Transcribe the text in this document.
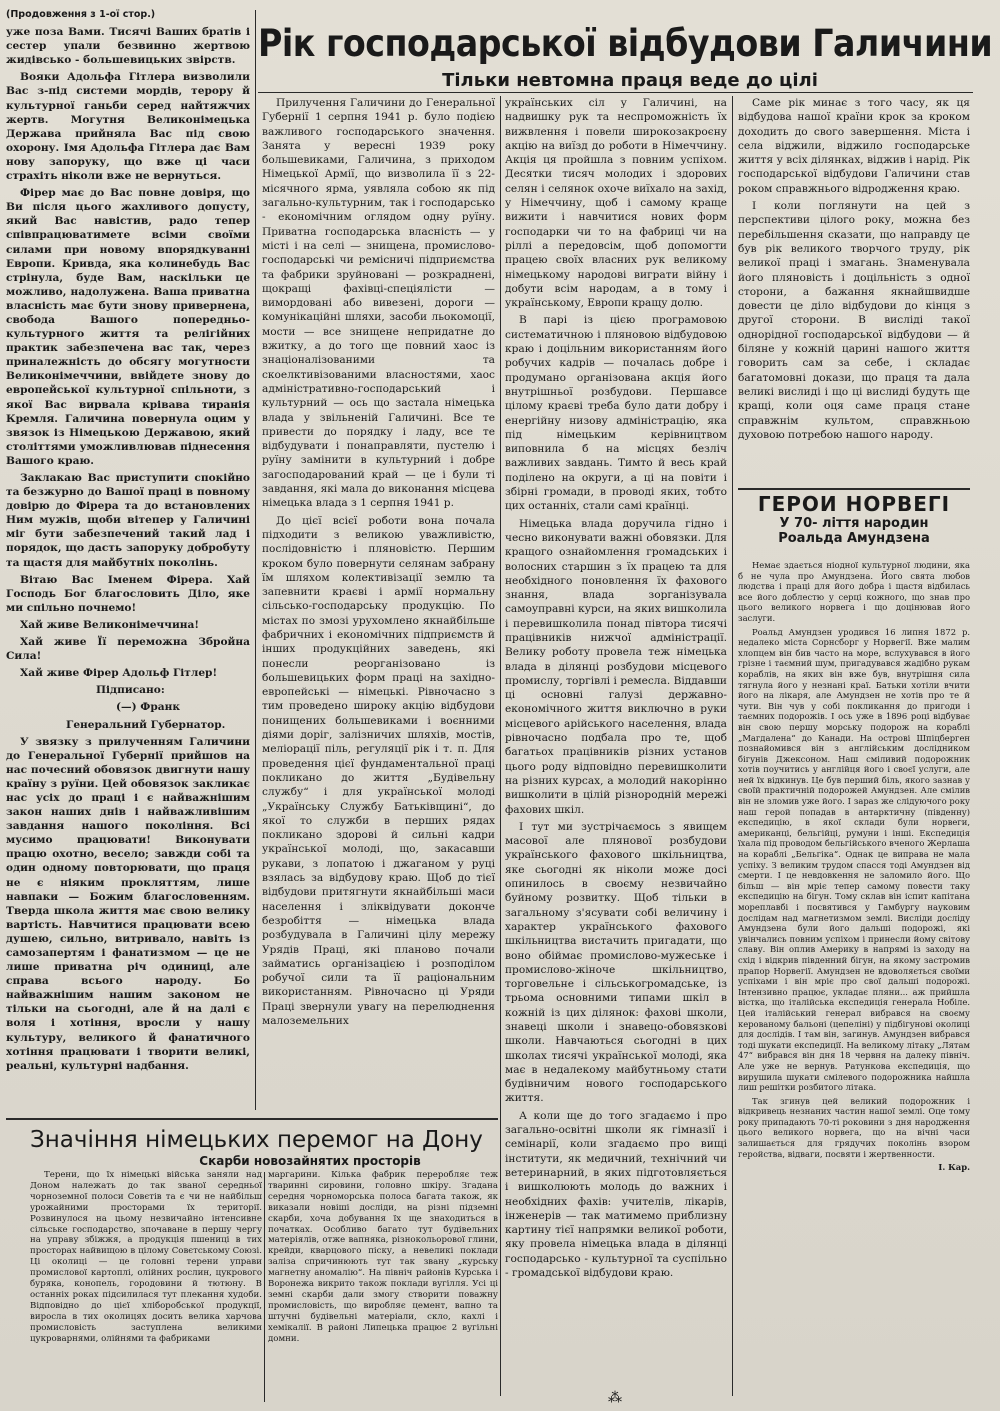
(Продовження з 1-ої стор.)

уже поза Вами. Тисячі Ваших братів і сестер упали безвинно жертвою жидівсько - большевицьких звірств.

Вояки Адольфа Гітлера визволили Вас з-під системи мордів, терору й культурної ганьби серед найтяжчих жертв. Могутня Великонімецька Держава прийняла Вас під свою охорону. Імя Адольфа Гітлера дає Вам нову запоруку, що вже ці часи страхіть ніколи вже не вернуться.

Фірер має до Вас повне довіря, що Ви після цього жахливого допусту, який Вас навістив, радо тепер співпрацюватимете всіми своїми силами при новому впорядкуванні Европи. Кривда, яка колинебудь Вас стрінула, буде Вам, наскільки це можливо, надолужена. Ваша приватна власність має бути знову привернена, свобода Вашого попередньо-культурного життя та релігійних практик забезпечена вас так, через приналежність до обсягу могутности Великонімеччини, ввійдете знову до европейської культурної спільноти, з якої Вас вирвала крівава тиранія Кремля. Галичина повернула оцим у звязок із Німецькою Державою, який століттями уможливлював піднесення Вашого краю.

Заклакаю Вас приступити спокійно та безжурно до Вашої праці в повному довірю до Фірера та до встановлених Ним мужів, щоби вітепер у Галичині міг бути забезпечений такий лад і порядок, що дасть запоруку добробуту та щастя для майбутніх поколінь.

Вітаю Вас Іменем Фірера. Хай Господь Бог благословить Діло, яке ми спільно почнемо!

Хай живе Великонімеччина!

Хай живе Її переможна Збройна Сила!

Хай живе Фірер Адольф Гітлер!

Підписано:

(—) Франк

Генеральний Губернатор.

У звязку з прилученням Галичини до Генеральної Губернії прийшов на нас почесний обовязок двигнути нашу країну з руїни. Цей обовязок закликає нас усіх до праці і є найважнішим закон наших днів і найважливішим завдання нашого покоління. Всі мусимо працювати! Виконувати працю охотно, весело; завжди собі та один одному повторювати, що праця не є ніяким прокляттям, лише навпаки — Божим благословенням. Тверда школа життя має свою велику вартість. Навчитися працювати всею душею, сильно, витривало, навіть із самозапертям і фанатизмом — це не лише приватна річ одиниці, але справа всього народу. Бо найважнішим нашим законом не тільки на сьогодні, але й на далі є воля і хотіння, вросли у нашу культуру, великого й фанатичного хотіння працювати і творити великі, реальні, культурні надбання.

Рік господарської відбудови Галичини
Тільки невтомна праця веде до цілі

Прилучення Галичини до Генеральної Губернії 1 серпня 1941 р. було подією важливого господарського значення. Занята у вересні 1939 року большевиками, Галичина, з приходом Німецької Армії, що визволила її з 22-місячного ярма, уявляла собою як під загально-культурним, так і господарсько - економічним оглядом одну руїну. Приватна господарська власність — у місті і на селі — знищена, промислово-господарські чи ремісничі підприємства та фабрики зруйновані — розкраднені, щокращі фахівці-спеціялісти — вимордовані або вивезені, дороги — комунікаційні шляхи, засоби льокомоції, мости — все знищене непридатне до вжитку, а до того ще повний хаос із знаціоналізованими та скоелктивізованими власностями, хаос адміністративно-господарський і культурний — ось що застала німецька влада у звільненій Галичині. Все те привести до порядку і ладу, все те відбудувати і понаправляти, пустелю і руїну замінити в культурний і добре загосподарований край — це і були ті завдання, які мала до виконання місцева німецька влада з 1 серпня 1941 р.

До цієї всієї роботи вона почала підходити з великою уважливістю, послідовністю і пляновістю. Першим кроком було повернути селянам забрану їм шляхом колективізації землю та запевнити краєві і армії нормальну сільсько-господарську продукцію. По містах по змозі урухомлено якнайбільше фабричних і економічних підприємств й інших продукційних заведень, які понесли реорганізовано із большевицьких форм праці на західно-европейські — німецькі. Рівночасно з тим проведено широку акцію відбудови понищених большевиками і воєнними діями доріг, залізничих шляхів, мостів, меліорації піль, регуляції рік і т. п. Для проведення цієї фундаментальної праці покликано до життя „Будівельну службу“ і для української молоді „Українську Службу Батьківщині“, до якої то служби в перших рядах покликано здорові й сильні кадри української молоді, що, закасавши рукави, з лопатою і джаганом у руці взялась за відбудову краю. Щоб до тієї відбудови притягнути якнайбільші маси населення і зліквідувати доконче безробіття — німецька влада розбудувала в Галичині цілу мережу Урядів Праці, які планово почали займатись організацією і розподілом робучої сили та її раціональним використанням. Рівночасно ці Уряди Праці звернули увагу на перелюднення малоземельних

українських сіл у Галичині, на надвишку рук та неспроможність їх вижвлення і повели широкозакроєну акцію на виїзд до роботи в Німеччину. Акція ця пройшла з повним успіхом. Десятки тисяч молодих і здорових селян і селянок охоче виїхало на захід, у Німеччину, щоб і самому краще вижити і навчитися нових форм господарки чи то на фабриці чи на ріллі а передовсім, щоб допомогти працею своїх власних рук великому німецькому народові виграти війну і добути всім народам, а в тому і українському, Европи кращу долю.

В парі із цією програмовою систематичною і пляновою відбудовою краю і доцільним використанням його робучих кадрів — почалась добре і продумано організована акція його внутрішньої розбудови. Першавсе цілому краєві треба було дати добру і енергійну низову адміністрацію, яка під німецьким керівництвом виповнила б на місцях безліч важливих завдань. Тимто й весь край поділено на округи, а ці на повіти і збірні громади, в проводі яких, тобто цих останніх, стали самі країнці.

Німецька влада доручила гідно і чесно виконувати важні обовязки. Для кращого ознайомлення громадських і волосних старшин з їх працею та для необхідного поновлення їх фахового знання, влада зорганізувала самоуправні курси, на яких вишколила і перевишколила понад півтора тисячі працівників нижчої адміністрації. Велику роботу провела теж німецька влада в ділянці розбудови місцевого промислу, торгівлі і ремесла. Віддавши ці основні галузі державно-економічного життя виключно в руки місцевого арійського населення, влада рівночасно подбала про те, щоб багатьох працівників різних установ цього роду відповідно перевишколити на різних курсах, а молодий накорінно вишколити в цілій різнородній мережі фахових шкіл.

І тут ми зустрічаємось з явищем масової але плянової розбудови українського фахового шкільництва, яке сьогодні як ніколи може досі опинилось в своєму незвичайно буйному розвитку. Щоб тільки в загальному з'ясувати собі величину і характер українського фахового шкільництва вистачить пригадати, що воно обіймає промислово-мужеське і промислово-жіноче шкільництво, торговельне і сільськогромадське, із трьома основними типами шкіл в кожній із цих ділянок: фахові школи, знавеці школи і знавецо-обовязкові школи. Навчаються сьогодні в цих школах тисячі української молоді, яка має в недалекому майбутньому стати будівничим нового господарського життя.

А коли ще до того згадаємо і про загально-освітні школи як гімназії і семінарії, коли згадаємо про вищі інститути, як медичний, технічний чи ветеринарний, в яких підготовляється і вишколюють молодь до важних і необхідних фахів: учителів, лікарів, інженерів — так матимемо приблизну картину тієї напрямки великої роботи, яку провела німецька влада в ділянці господарсько - культурної та суспільно - громадської відбудови краю.

Саме рік минає з того часу, як ця відбудова нашої країни крок за кроком доходить до свого завершення. Міста і села віджили, віджило господарське життя у всіх ділянках, віджив і нарід. Рік господарської відбудови Галичини став роком справжнього відродження краю.

І коли поглянути на цей з перспективи цілого року, можна без перебільшення сказати, що направду це був рік великого творчого труду, рік великої праці і змагань. Знаменувала його пляновість і доцільність з одної сторони, а бажання якнайшвидше довести це діло відбудови до кінця з другої сторони. В висліді такої однорідної господарської відбудови — й біляне у кожній царині нашого життя говорить сам за себе, і складає багатомовні докази, що праця та дала великі вислиді і що ці вислиді будуть ще кращі, коли оця саме праця стане справжнім культом, справжньою духовою потребою нашого народу.

ГЕРОИ НОРВЕГІ
У 70- ліття народин
Роальда Амундзена

Немає здається ніодної культурної людини, яка б не чула про Амундзена. Його свята любов людства і праці для його добра і щастя відбилась все його доблестю у серці кожного, що знав про цього великого норвега і що доцінював його заслуги.

Роальд Амундзен уродився 16 липня 1872 р. недалеко міста Сорнсборг у Норвегії. Вже малим хлопцем він бив часто на море, вслухувався в його грізне і таємний шум, пригадувався жадібно рукам кораблів, на яких він вже був, внутрішня сила тягнула його у незнані краї. Батьки хотіли вчити його на лікаря, але Амундзен не хотів про те й чути. Він чув у собі покликання до пригоди і таємних подорожів. І ось уже в 1896 році відбуває він свою першу морську подорож на кораблі „Магдалена“ до Канади. На острові Шпіцберген познайомився він з англійським дослідником бігунів Джексоном. Наш сміливий подорожник хотів поучитись у англійця його і своєї услуги, але ней їх відкинув. Це був перший біль, якого зазнав у своїй практичній подорожей Амундзен. Але смілив він не зломив уже його. І зараз же слідуючого року наш герой попадав в антарктичну (південну) експедицію, в якої склади були норвеги, американці, бельгійці, румуни і інші. Експедиція їхала під проводом бельгійського вченого Жерлаша на кораблі „Бельгіка“. Однак це виправа не мала успіху. З великим трудом спасся тоді Амундзен від смерти. І це невдовкення не заломило його. Що більш — він мріє тепер самому повести таку експедицію на бігун. Тому склав він іспит капітана мореплавбі і посвятився у Гамбургу науковим дослідам над магнетизмом землі. Висліди досліду Амундзена були його дальші подорожі, які увінчались повним успіхом і принесли йому світову славу. Він оплив Америку в напрямі із заходу на схід і відкрив південний бігун, на якому застромив прапор Норвегії. Амундзен не вдоволяється своїми успіхами і він мріє про свої дальші подорожі. Інтензивно працює, укладає пляни... аж прийшла вістка, що італійська експедиція генерала Нобіле. Цей італійський генерал вибрався на своєму керованому бальоні (цепеліні) у підбігунові околиці для дослідів. І там він, загинув. Амундзен вибрався тоді шукати експедиції. На великому літаку „Лятам 47“ вибрався він дня 18 червня на далеку північ. Але уже не вернув. Ратункова експедиція, що вирушила шукати смілевого подорожника найшла лиш решітки розбитого літака.

Так згинув цей великий подорожник і відкривець незнаних частин нашої землі. Оце тому року припадають 70-ті роковини з дня народження цього великого норвега, що на вічні часи залишається для грядучих поколінь взором геройства, відваги, посвяти і жертвенности.

І. Кар.

Значіння німецьких перемог на Дону
Скарби новозайнятих просторів

Терени, що їх німецькі війська заняли над Доном належать до так званої середньої чорноземної полоси Совєтів та є чи не найбільш урожайними просторами їх території. Розвинулося на цьому незвичайно інтенсивне сільське господарство, зпочаване в першу чергу на управу збіжжя, а продукція пшениці в тих просторах найвищою в цілому Совєтському Союзі. Ці околиці — це головні терени управи промислової картоплі, олійних рослин, цукрового буряка, конопель, городовини й тютюну. В останніх роках підсилилася тут плекання худоби. Відповідно до цієї хліборобської продукції, виросла в тих околицях досить велика харчова промисловість заступлена великими цукроварнями, олійнями та фабриками

маргарини. Кілька фабрик переробляє теж тваринні сировини, головно шкіру. Згадана середня чорноморська полоса багата також, як виказали новіші досліди, на різні підземні скарби, хоча добування їх ще знаходиться в початках. Особливо багато тут будівельних матеріялів, отже вапняка, різнокольорової глини, крейди, кварцового піску, а невеликі поклади залізa спричинюють тут так звану „курську магнетну аномалію“. На північ районів Курська і Воронежа викрито також поклади вугілля. Усі ці земні скарби дали змогу створити поважну промисловість, що виробляє цемент, вапно та штучні будівельні матеріали, скло, кахлі і хемікалії. В районі Липецька працює 2 вугільні домни.

⁂
